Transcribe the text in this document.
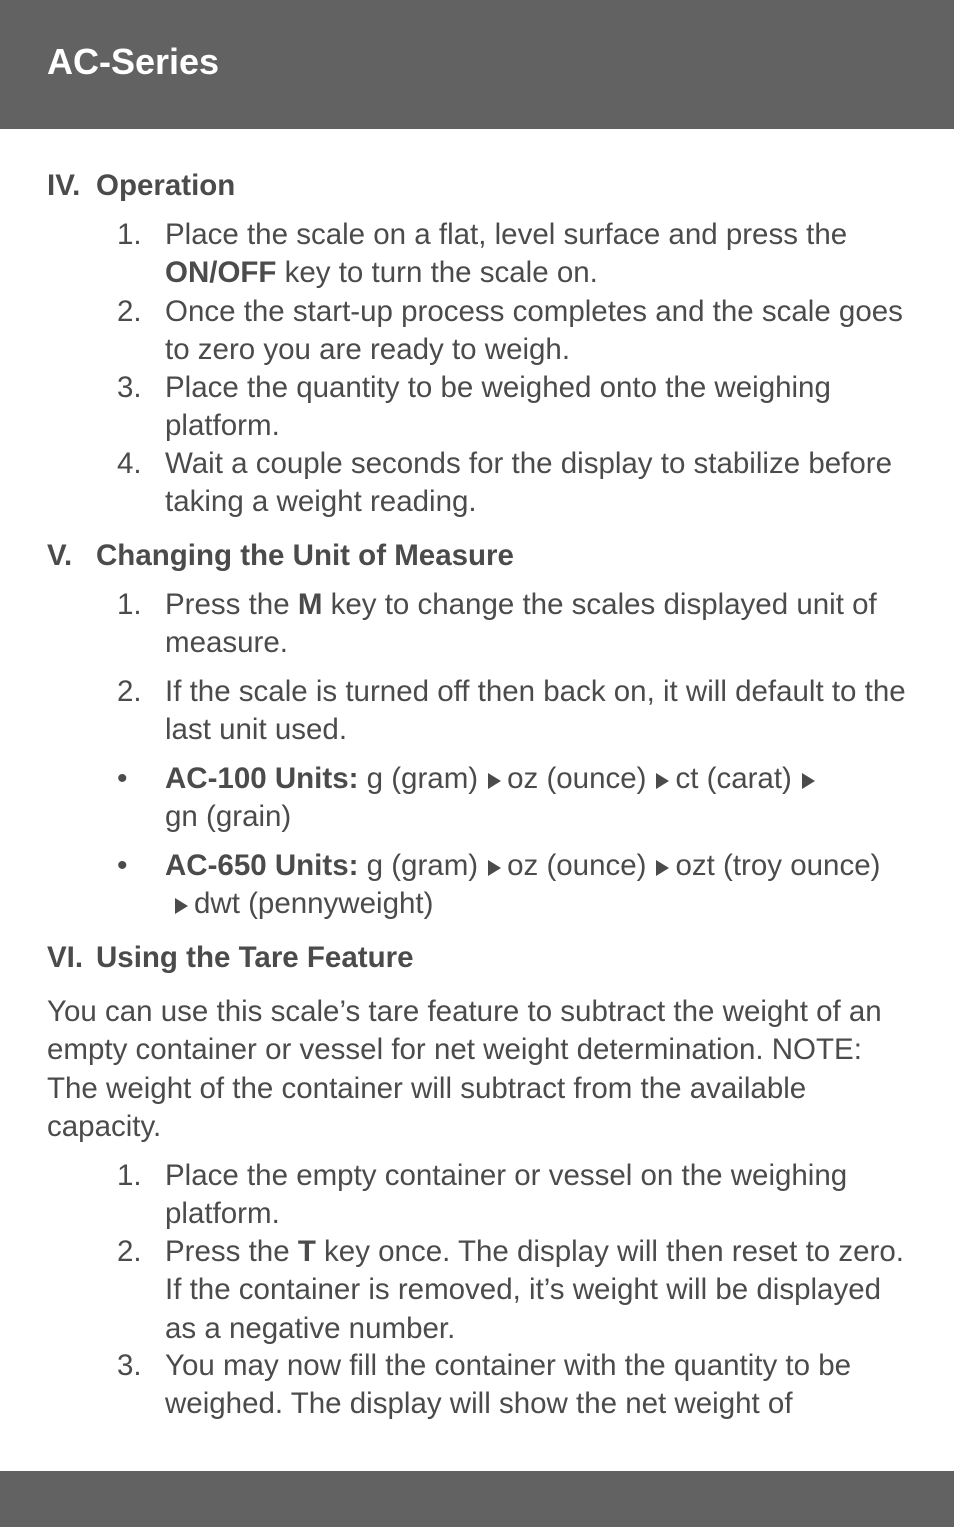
AC-Series
IV. Operation
1. Place the scale on a flat, level surface and press the ON/OFF key to turn the scale on.
2. Once the start-up process completes and the scale goes to zero you are ready to weigh.
3. Place the quantity to be weighed onto the weighing platform.
4. Wait a couple seconds for the display to stabilize before taking a weight reading.
V. Changing the Unit of Measure
1. Press the M key to change the scales displayed unit of measure.
2. If the scale is turned off then back on, it will default to the last unit used.
•	AC-100 Units: g (gram) oz (ounce) ct (carat)
gn (grain)
•	AC-650 Units: g (gram) oz (ounce) ozt (troy ounce)dwt (pennyweight)
VI. Using the Tare Feature
You can use this scale’s tare feature to subtract the weight of an empty container or vessel for net weight determination. NOTE: The weight of the container will subtract from the available capacity.
1. Place the empty container or vessel on the weighing platform.
2. Press the T key once. The display will then reset to zero. If the container is removed, it’s weight will be displayed as a negative number.
3. You may now fill the container with the quantity to be weighed. The display will show the net weight of
